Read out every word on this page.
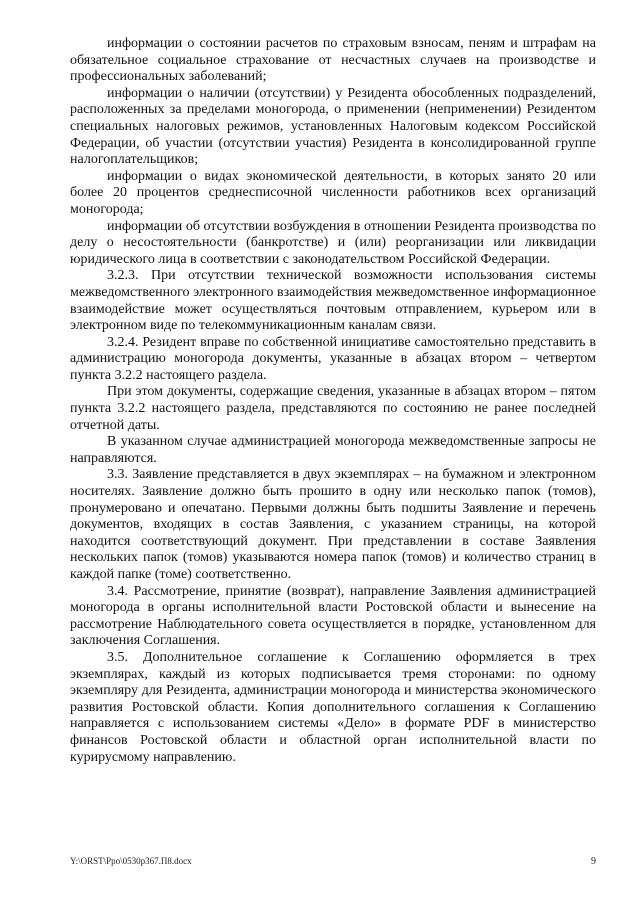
информации о состоянии расчетов по страховым взносам, пеням и штрафам на обязательное социальное страхование от несчастных случаев на производстве и профессиональных заболеваний;

информации о наличии (отсутствии) у Резидента обособленных подразделений, расположенных за пределами моногорода, о применении (неприменении) Резидентом специальных налоговых режимов, установленных Налоговым кодексом Российской Федерации, об участии (отсутствии участия) Резидента в консолидированной группе налогоплательщиков;

информации о видах экономической деятельности, в которых занято 20 или более 20 процентов среднесписочной численности работников всех организаций моногорода;

информации об отсутствии возбуждения в отношении Резидента производства по делу о несостоятельности (банкротстве) и (или) реорганизации или ликвидации юридического лица в соответствии с законодательством Российской Федерации.

3.2.3. При отсутствии технической возможности использования системы межведомственного электронного взаимодействия межведомственное информационное взаимодействие может осуществляться почтовым отправлением, курьером или в электронном виде по телекоммуникационным каналам связи.

3.2.4. Резидент вправе по собственной инициативе самостоятельно представить в администрацию моногорода документы, указанные в абзацах втором – четвертом пункта 3.2.2 настоящего раздела.

При этом документы, содержащие сведения, указанные в абзацах втором – пятом пункта 3.2.2 настоящего раздела, представляются по состоянию не ранее последней отчетной даты.

В указанном случае администрацией моногорода межведомственные запросы не направляются.

3.3. Заявление представляется в двух экземплярах – на бумажном и электронном носителях. Заявление должно быть прошито в одну или несколько папок (томов), пронумеровано и опечатано. Первыми должны быть подшиты Заявление и перечень документов, входящих в состав Заявления, с указанием страницы, на которой находится соответствующий документ. При представлении в составе Заявления нескольких папок (томов) указываются номера папок (томов) и количество страниц в каждой папке (томе) соответственно.

3.4. Рассмотрение, принятие (возврат), направление Заявления администрацией моногорода в органы исполнительной власти Ростовской области и вынесение на рассмотрение Наблюдательного совета осуществляется в порядке, установленном для заключения Соглашения.

3.5. Дополнительное соглашение к Соглашению оформляется в трех экземплярах, каждый из которых подписывается тремя сторонами: по одному экземпляру для Резидента, администрации моногорода и министерства экономического развития Ростовской области. Копия дополнительного соглашения к Соглашению направляется с использованием системы «Дело» в формате PDF в министерство финансов Ростовской области и областной орган исполнительной власти по курирусмому направлению.

Y:\ORST\Ppo\0530p367.П8.docx	9
